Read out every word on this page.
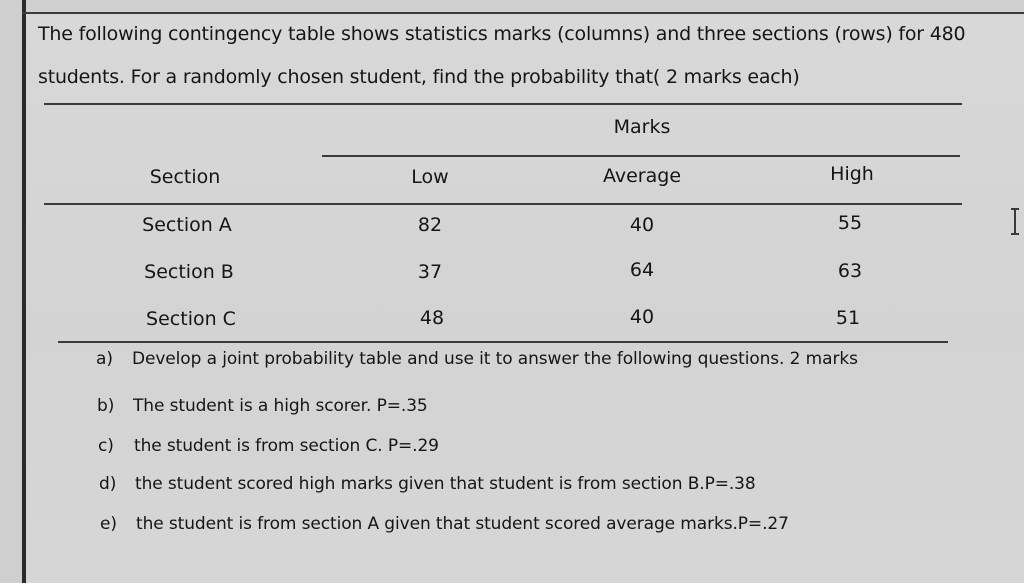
The following contingency table shows statistics marks (columns) and three sections (rows) for 480
students. For a randomly chosen student, find the probability that( 2 marks each)
Marks
Section	Low	Average	High
Section A	82	40	55
Section B	37	64	63
Section C	48	40	51
a) Develop a joint probability table and use it to answer the following questions. 2 marks
b) The student is a high scorer. P=.35
c) the student is from section C. P=.29
d) the student scored high marks given that student is from section B.P=.38
e) the student is from section A given that student scored average marks.P=.27
